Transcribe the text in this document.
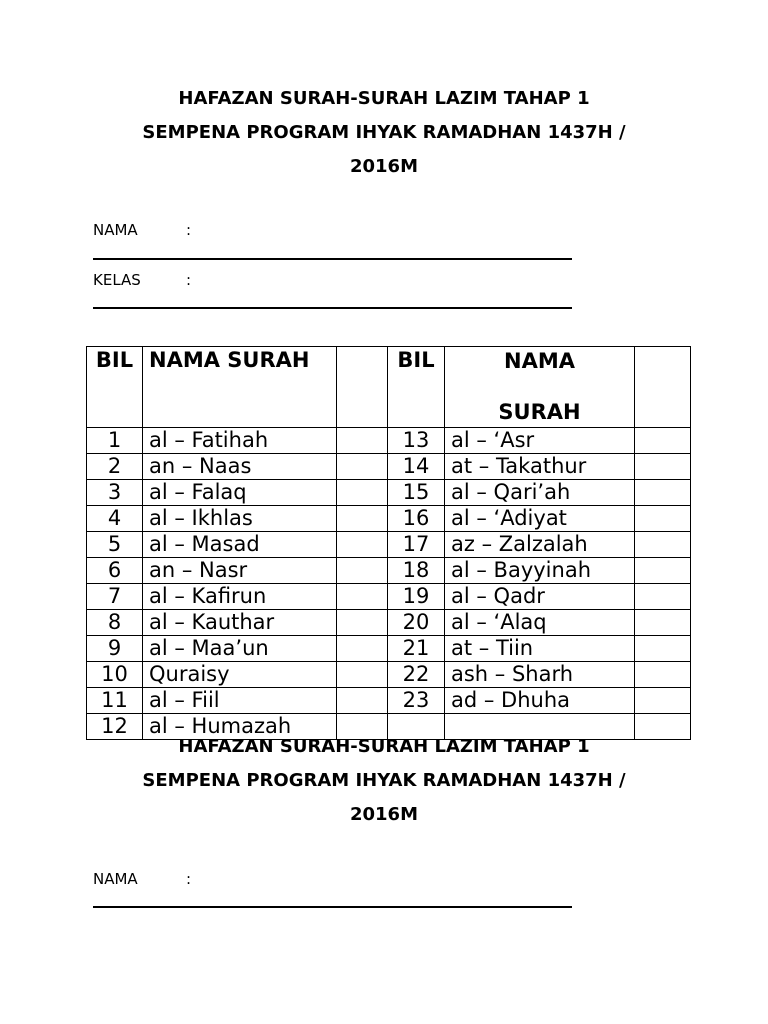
HAFAZAN SURAH-SURAH LAZIM TAHAP 1
SEMPENA PROGRAM IHYAK RAMADHAN 1437H /
2016M
NAMA	:
KELAS	:
BIL	NAMA SURAH		BIL	NAMA
SURAH	

1	al – Fatihah		13	al – ‘Asr	
2	an – Naas		14	at – Takathur	
3	al – Falaq		15	al – Qari’ah	
4	al – Ikhlas		16	al – ‘Adiyat	
5	al – Masad		17	az – Zalzalah	
6	an – Nasr		18	al – Bayyinah	
7	al – Kafirun		19	al – Qadr	
8	al – Kauthar		20	al – ‘Alaq	
9	al – Maa’un		21	at – Tiin	
10	Quraisy		22	ash – Sharh	
11	al – Fiil		23	ad – Dhuha	
12	al – Humazah				
HAFAZAN SURAH-SURAH LAZIM TAHAP 1
SEMPENA PROGRAM IHYAK RAMADHAN 1437H /
2016M
NAMA	:
